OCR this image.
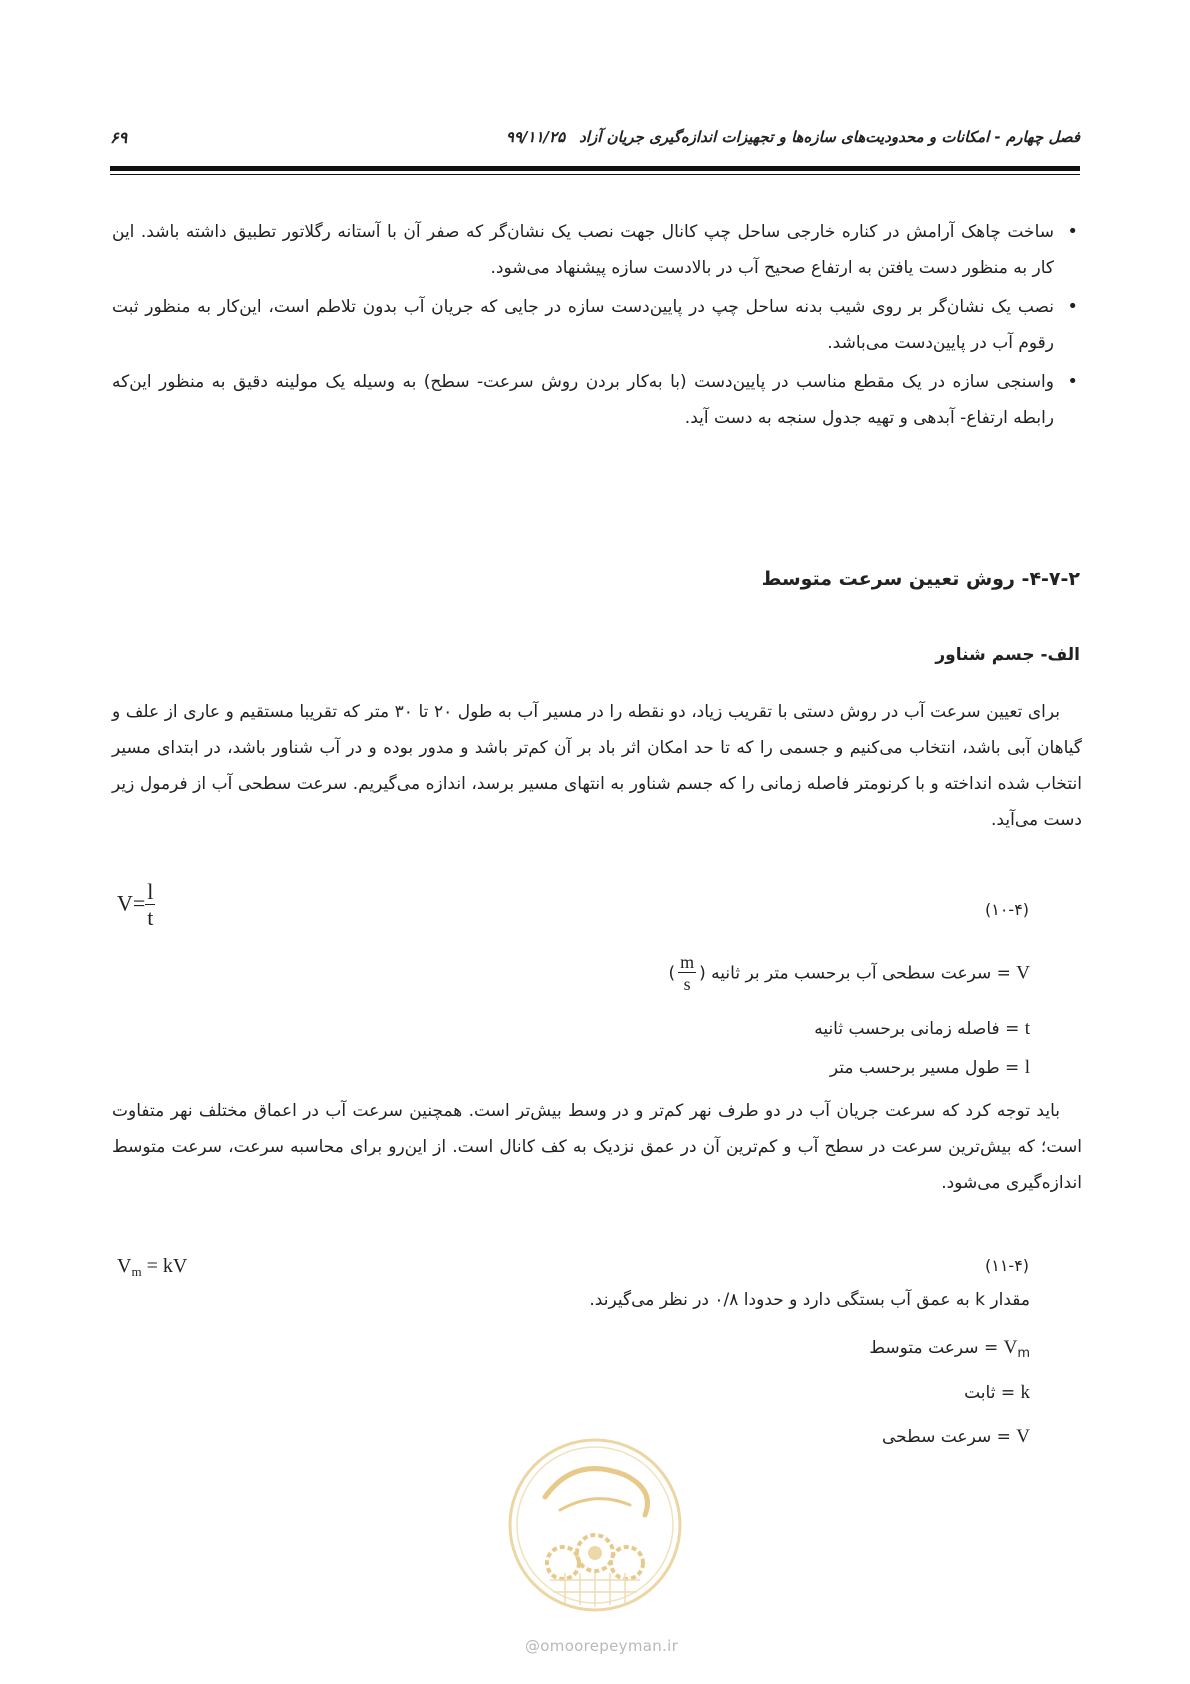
فصل چهارم - امکانات و محدودیت‌های سازه‌ها و تجهیزات اندازه‌گیری جریان آزاد۹۹/۱۱/۲۵
۶۹
• ساخت چاهک آرامش در کناره خارجی ساحل چپ کانال جهت نصب یک نشان‌گر که صفر آن با آستانه رگلاتور تطبیق داشته باشد. این کار به منظور دست یافتن به ارتفاع صحیح آب در بالادست سازه پیشنهاد می‌شود.
• نصب یک نشان‌گر بر روی شیب بدنه ساحل چپ در پایین‌دست سازه در جایی که جریان آب بدون تلاطم است، این‌کار به منظور ثبت رقوم آب در پایین‌دست می‌باشد.
• واسنجی سازه در یک مقطع مناسب در پایین‌دست (با به‌کار بردن روش سرعت- سطح) به وسیله یک مولینه دقیق به منظور این‌که رابطه ارتفاع- آبدهی و تهیه جدول سنجه به دست آید.
۴-۷-۲- روش تعیین سرعت متوسط
الف- جسم شناور
برای تعیین سرعت آب در روش دستی با تقریب زیاد، دو نقطه را در مسیر آب به طول ۲۰ تا ۳۰ متر که تقریبا مستقیم و عاری از علف و گیاهان آبی باشد، انتخاب می‌کنیم و جسمی را که تا حد امکان اثر باد بر آن کم‌تر باشد و مدور بوده و در آب شناور باشد، در ابتدای مسیر انتخاب شده انداخته و با کرنومتر فاصله زمانی را که جسم شناور به انتهای مسیر برسد، اندازه می‌گیریم. سرعت سطحی آب از فرمول زیر دست می‌آید.
$V= \frac{l}{t}$	(۱۰-۴)
V = سرعت سطحی آب برحسب متر بر ثانیه (
$\frac{m}{s}$
)
t = فاصله زمانی برحسب ثانیه
l = طول مسیر برحسب متر
باید توجه کرد که سرعت جریان آب در دو طرف نهر کم‌تر و در وسط بیش‌تر است. همچنین سرعت آب در اعماق مختلف نهر متفاوت است؛ که بیش‌ترین سرعت در سطح آب و کم‌ترین آن در عمق نزدیک به کف کانال است. از این‌رو برای محاسبه سرعت، سرعت متوسط اندازه‌گیری می‌شود.
$V_m$ = kV	(۱۱-۴)
مقدار k به عمق آب بستگی دارد و حدودا ۰/۸ در نظر می‌گیرند.
$V_m$ = سرعت متوسط
k = ثابت
V = سرعت سطحی
@omoorepeyman.ir
